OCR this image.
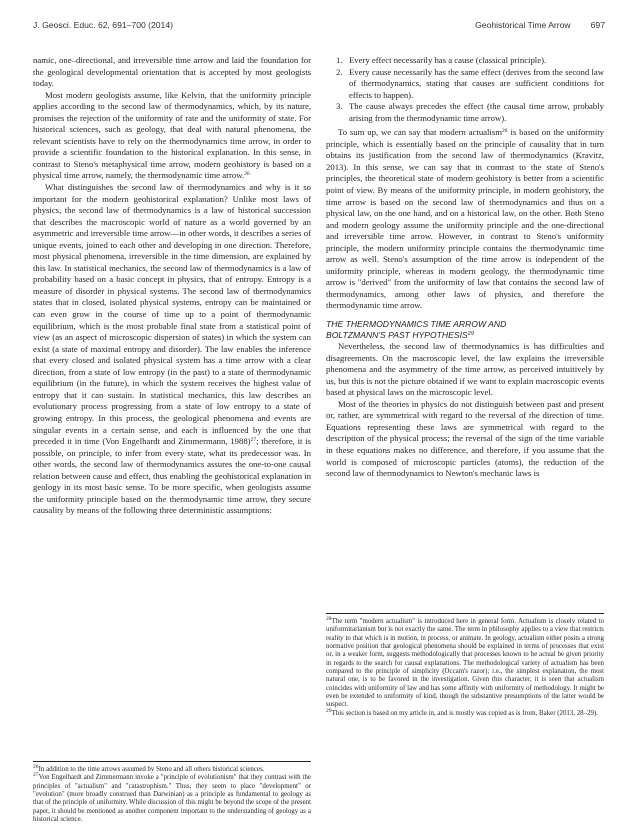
J. Geosci. Educ. 62, 691–700 (2014)	Geohistorical Time Arrow 697

namic, one–directional, and irreversible time arrow and laid the foundation for the geological developmental orientation that is accepted by most geologists today.

Most modern geologists assume, like Kelvin, that the uniformity principle applies according to the second law of thermodynamics, which, by its nature, promises the rejection of the uniformity of rate and the uniformity of state. For historical sciences, such as geology, that deal with natural phenomena, the relevant scientists have to rely on the thermodynamics time arrow, in order to provide a scientific foundation to the historical explanation. In this sense, in contrast to Steno's metaphysical time arrow, modern geohistory is based on a physical time arrow, namely, the thermodynamic time arrow.$^{26}$

What distinguishes the second law of thermodynamics and why is it so important for the modern geohistorical explanation? Unlike most laws of physics, the second law of thermodynamics is a law of historical succession that describes the macroscopic world of nature as a world governed by an asymmetric and irreversible time arrow—in other words, it describes a series of unique events, joined to each other and developing in one direction. Therefore, most physical phenomena, irreversible in the time dimension, are explained by this law. In statistical mechanics, the second law of thermodynamics is a law of probability based on a basic concept in physics, that of entropy. Entropy is a measure of disorder in physical systems. The second law of thermodynamics states that in closed, isolated physical systems, entropy can be maintained or can even grow in the course of time up to a point of thermodynamic equilibrium, which is the most probable final state from a statistical point of view (as an aspect of microscopic dispersion of states) in which the system can exist (a state of maximal entropy and disorder). The law enables the inference that every closed and isolated physical system has a time arrow with a clear direction, from a state of low entropy (in the past) to a state of thermodynamic equilibrium (in the future), in which the system receives the highest value of entropy that it can sustain. In statistical mechanics, this law describes an evolutionary process progressing from a state of low entropy to a state of growing entropy. In this process, the geological phenomena and events are singular events in a certain sense, and each is influenced by the one that preceded it in time (Von Engelhardt and Zimmermann, 1988)$^{27}$; therefore, it is possible, on principle, to infer from every state, what its predecessor was. In other words, the second law of thermodynamics assures the one-to-one causal relation between cause and effect, thus enabling the geohistorical explanation in geology in its most basic sense. To be more specific, when geologists assume the uniformity principle based on the thermodynamic time arrow, they secure causality by means of the following three deterministic assumptions:

$^{26}$In addition to the time arrows assumed by Steno and all others historical sciences.

$^{27}$Von Engelhardt and Zimmermann invoke a "principle of evolutionism" that they contrast with the principles of "actualism" and "catastrophism." Thus, they seem to place "development" or "evolution" (more broadly construed than Darwinian) as a principle as fundamental to geology as that of the principle of uniformity. While discussion of this might be beyond the scope of the present paper, it should be mentioned as another component important to the understanding of geology as a historical science.

1. Every effect necessarily has a cause (classical principle).
2. Every cause necessarily has the same effect (derives from the second law of thermodynamics, stating that causes are sufficient conditions for effects to happen).
3. The cause always precedes the effect (the causal time arrow, probably arising from the thermodynamic time arrow).

To sum up, we can say that modern actualism$^{28}$ is based on the uniformity principle, which is essentially based on the principle of causality that in turn obtains its justification from the second law of thermodynamics (Kravitz, 2013). In this sense, we can say that in contrast to the state of Steno's principles, the theoretical state of modern geohistory is better from a scientific point of view. By means of the uniformity principle, in modern geohistory, the time arrow is based on the second law of thermodynamics and thus on a physical law, on the one hand, and on a historical law, on the other. Both Steno and modern geology assume the uniformity principle and the one-directional and irreversible time arrow. However, in contrast to Steno's uniformity principle, the modern uniformity principle contains the thermodynamic time arrow as well. Steno's assumption of the time arrow is independent of the uniformity principle, whereas in modern geology, the thermodynamic time arrow is "derived" from the uniformity of law that contains the second law of thermodynamics, among other laws of physics, and therefore the thermodynamic time arrow.

THE THERMODYNAMICS TIME ARROW AND
BOLTZMANN'S PAST HYPOTHESIS$^{29}$

Nevertheless, the second law of thermodynamics is has difficulties and disagreements. On the macroscopic level, the law explains the irreversible phenomena and the asymmetry of the time arrow, as perceived intuitively by us, but this is not the picture obtained if we want to explain macroscopic events based at physical laws on the microscopic level.

Most of the theories in physics do not distinguish between past and present or, rather, are symmetrical with regard to the reversal of the direction of time. Equations representing these laws are symmetrical with regard to the description of the physical process; the reversal of the sign of the time variable in these equations makes no difference, and therefore, if you assume that the world is composed of microscopic particles (atoms), the reduction of the second law of thermodynamics to Newton's mechanic laws is

$^{28}$The term "modern actualism" is introduced here in general form. Actualism is closely related to uniformitarianism but is not exactly the same. The term in philosophy applies to a view that restricts reality to that which is in motion, in process, or animate. In geology, actualism either posits a strong normative position that geological phenomena should be explained in terms of processes that exist or, in a weaker form, suggests methodologically that processes known to be actual be given priority in regards to the search for causal explanations. The methodological variety of actualism has been compared to the principle of simplicity (Occam's razor); i.e., the simplest explanation, the most natural one, is to be favored in the investigation. Given this character, it is seen that actualism coincides with uniformity of law and has some affinity with uniformity of methodology. It might be even be extended to uniformity of kind, though the substantive presumptions of the latter would be suspect.

$^{29}$This section is based on my article in, and is mostly was copied as is from, Baker (2013, 28–29).
